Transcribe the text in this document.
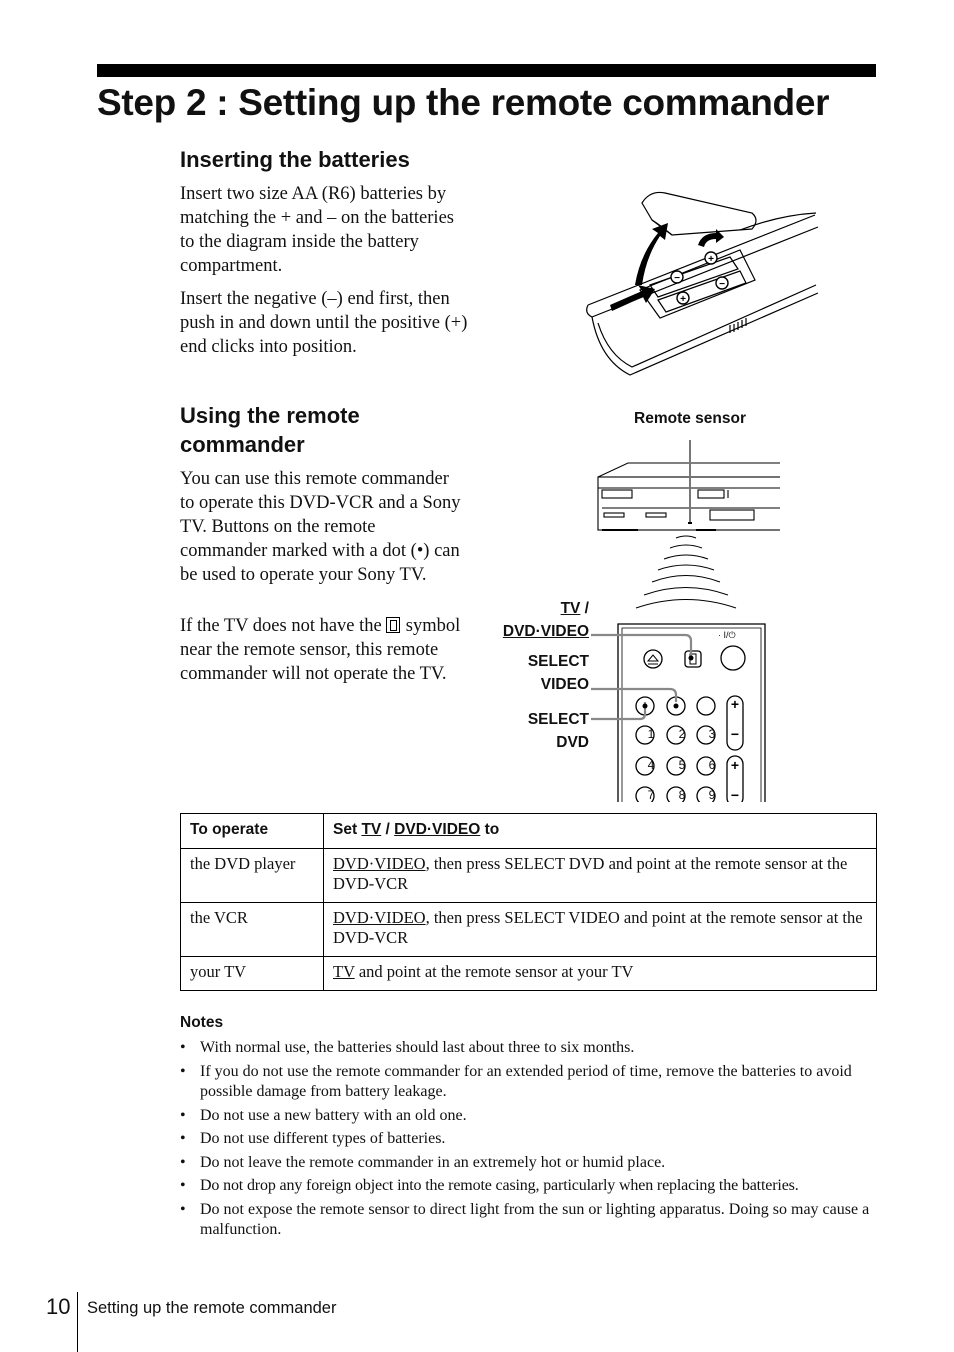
Step 2 : Setting up the remote commander
Inserting the batteries

Insert two size AA (R6) batteries by matching the + and – on the batteries to the diagram inside the battery compartment.

Insert the negative (–) end first, then push in and down until the positive (+) end clicks into position.

−
+
+
−
Using the remote commander

You can use this remote commander to operate this DVD-VCR and a Sony TV. Buttons on the remote commander marked with a dot (•) can be used to operate your Sony TV.

If the TV does not have the symbol near the remote sensor, this remote commander will not operate the TV.

Remote sensor
+
−
+
−
· I/⏻
1 2 3
4 5 6
7 8 9
TV /
DVD·VIDEO
SELECT
VIDEO
SELECT
DVD
To operate	Set TV / DVD·VIDEO to
the DVD player	DVD·VIDEO, then press SELECT DVD and point at the remote sensor at the DVD-VCR
the VCR	DVD·VIDEO, then press SELECT VIDEO and point at the remote sensor at the DVD-VCR
your TV	TV and point at the remote sensor at your TV
Notes
• With normal use, the batteries should last about three to six months.
• If you do not use the remote commander for an extended period of time, remove the batteries to avoid possible damage from battery leakage.
• Do not use a new battery with an old one.
• Do not use different types of batteries.
• Do not leave the remote commander in an extremely hot or humid place.
• Do not drop any foreign object into the remote casing, particularly when replacing the batteries.
• Do not expose the remote sensor to direct light from the sun or lighting apparatus. Doing so may cause a malfunction.
10 Setting up the remote commander
